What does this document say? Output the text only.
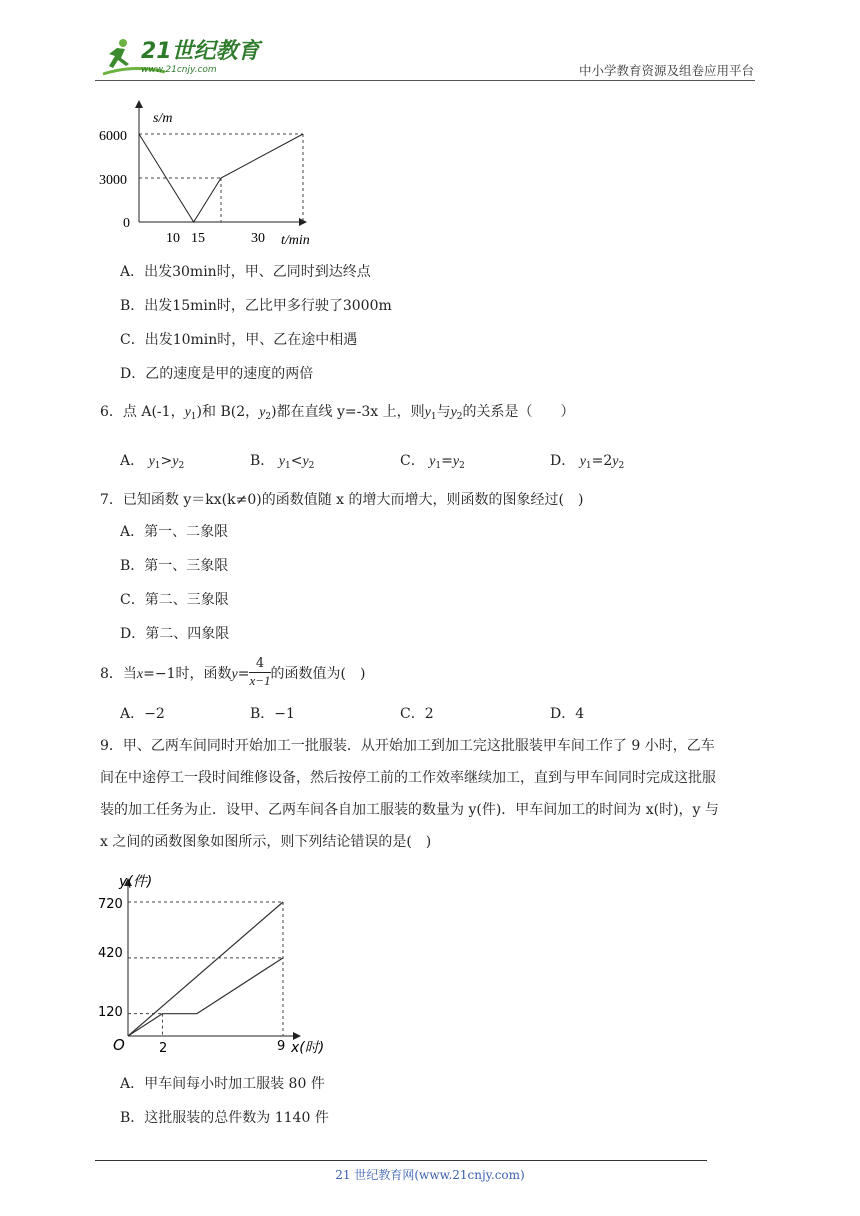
21世纪教育
www.21cnjy.com	中小学教育资源及组卷应用平台
s/m
6000
3000
0
10 15	30 t/min
A．出发30min时，甲、乙同时到达终点
B．出发15min时，乙比甲多行驶了3000m
C．出发10min时，甲、乙在途中相遇
D．乙的速度是甲的速度的两倍
6．点 A(-1，$y_1$)和 B(2，$y_2$)都在直线 y=-3x 上，则$y_1$与$y_2$的关系是（　　）
A． $y_1>y_2$	B． $y_1<y_2$	C． $y_1=y_2$	D． $y_1=2y_2$
7．已知函数 y＝kx(k≠0)的函数值随 x 的增大而增大，则函数的图象经过(　)
A．第一、二象限
B．第一、三象限
C．第二、三象限
D．第二、四象限
8．当x=−1时，函数$y= \frac{4}{x-1}$ 的函数值为(　)
A．−2	B．−1	C．2	D．4
9．甲、乙两车间同时开始加工一批服装．从开始加工到加工完这批服装甲车间工作了 9 小时，乙车
间在中途停工一段时间维修设备，然后按停工前的工作效率继续加工，直到与甲车间同时完成这批服
装的加工任务为止．设甲、乙两车间各自加工服装的数量为 y(件)．甲车间加工的时间为 x(时)，y 与
x 之间的函数图象如图所示，则下列结论错误的是(　)
y(件)
720
420
120
O	2	9 x(时)
A．甲车间每小时加工服装 80 件
B．这批服装的总件数为 1140 件
21 世纪教育网(www.21cnjy.com)
